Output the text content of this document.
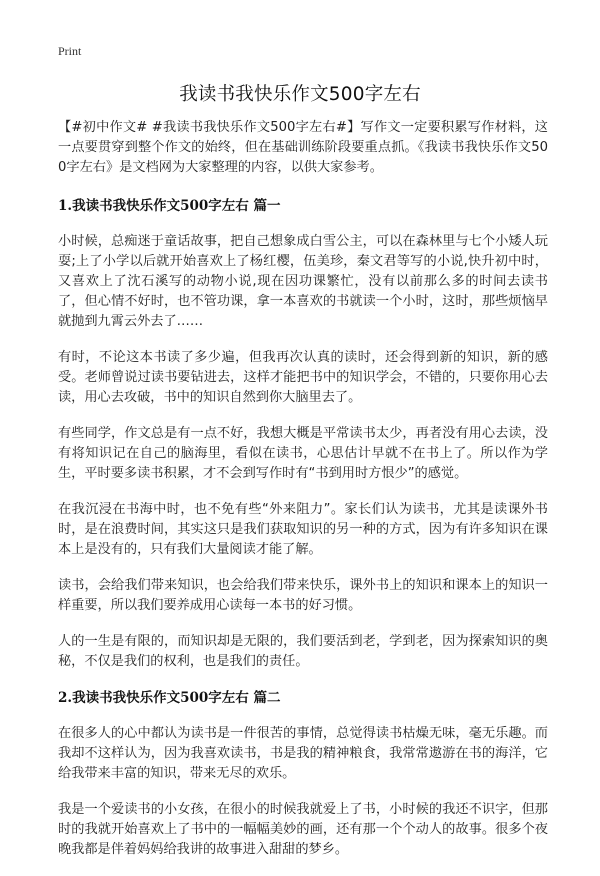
Print
我读书我快乐作文500字左右

【#初中作文# #我读书我快乐作文500字左右#】写作文一定要积累写作材料，这一点要贯穿到整个作文的始终，但在基础训练阶段要重点抓。《我读书我快乐作文500字左右》是文档网为大家整理的内容，以供大家参考。

1.我读书我快乐作文500字左右 篇一

小时候，总痴迷于童话故事，把自己想象成白雪公主，可以在森林里与七个小矮人玩耍;上了小学以后就开始喜欢上了杨红樱，伍美珍，秦文君等写的小说,快升初中时，又喜欢上了沈石溪写的动物小说,现在因功课繁忙，没有以前那么多的时间去读书了，但心情不好时，也不管功课，拿一本喜欢的书就读一个小时，这时，那些烦恼早就抛到九霄云外去了……

有时，不论这本书读了多少遍，但我再次认真的读时，还会得到新的知识，新的感受。老师曾说过读书要钻进去，这样才能把书中的知识学会，不错的，只要你用心去读，用心去攻破，书中的知识自然到你大脑里去了。

有些同学，作文总是有一点不好，我想大概是平常读书太少，再者没有用心去读，没有将知识记在自己的脑海里，看似在读书，心思估计早就不在书上了。所以作为学生，平时要多读书积累，才不会到写作时有“书到用时方恨少”的感觉。

在我沉浸在书海中时，也不免有些“外来阻力”。家长们认为读书，尤其是读课外书时，是在浪费时间，其实这只是我们获取知识的另一种的方式，因为有许多知识在课本上是没有的，只有我们大量阅读才能了解。

读书，会给我们带来知识，也会给我们带来快乐，课外书上的知识和课本上的知识一样重要，所以我们要养成用心读每一本书的好习惯。

人的一生是有限的，而知识却是无限的，我们要活到老，学到老，因为探索知识的奥秘，不仅是我们的权利，也是我们的责任。

2.我读书我快乐作文500字左右 篇二

在很多人的心中都认为读书是一件很苦的事情，总觉得读书枯燥无味，毫无乐趣。而我却不这样认为，因为我喜欢读书，书是我的精神粮食，我常常遨游在书的海洋，它给我带来丰富的知识，带来无尽的欢乐。

我是一个爱读书的小女孩，在很小的时候我就爱上了书，小时候的我还不识字，但那时的我就开始喜欢上了书中的一幅幅美妙的画，还有那一个个动人的故事。很多个夜晚我都是伴着妈妈给我讲的故事进入甜甜的梦乡。
